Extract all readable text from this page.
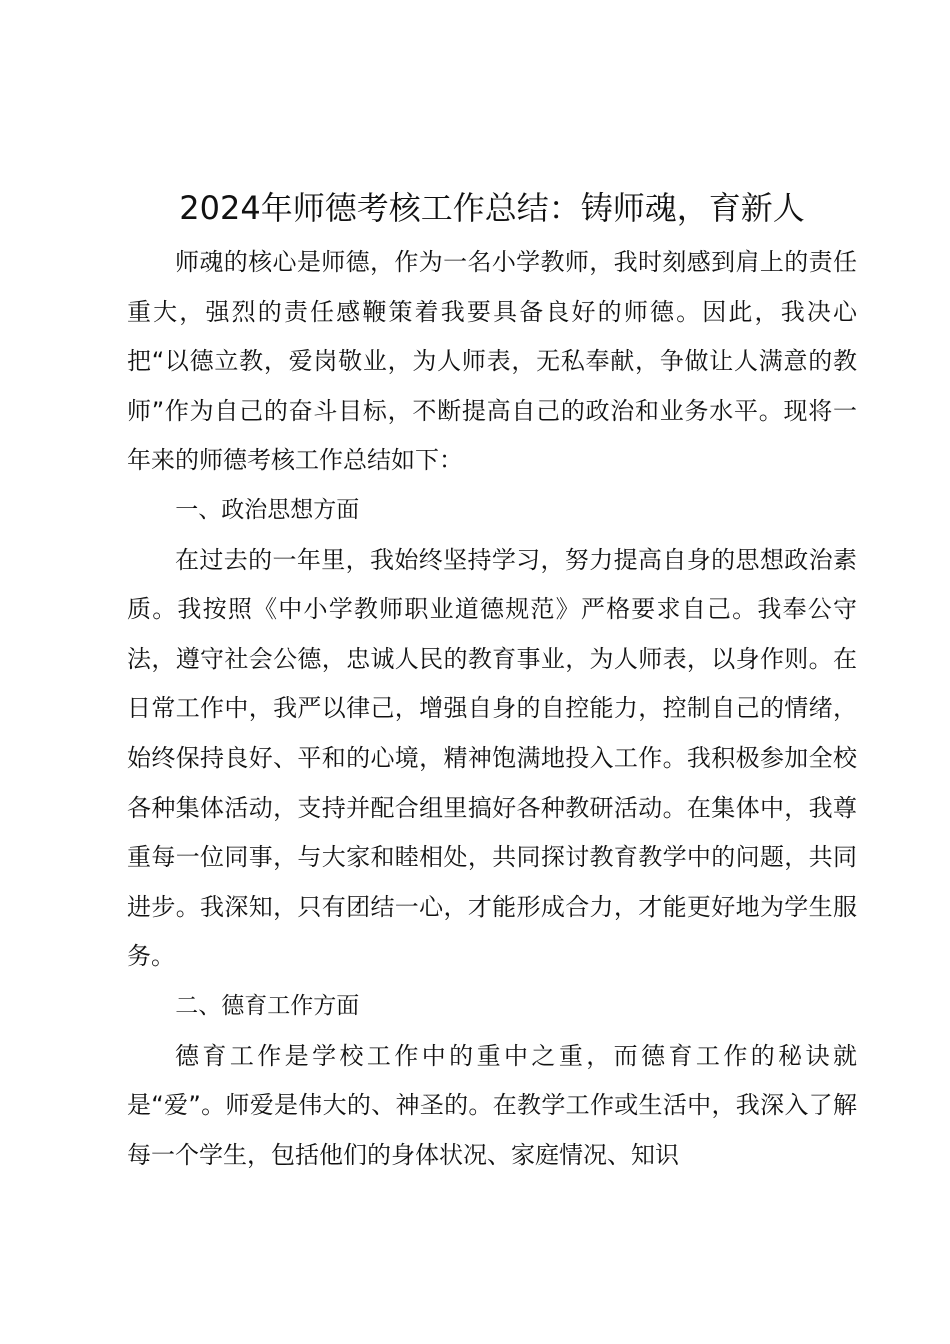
2024年师德考核工作总结：铸师魂，育新人

师魂的核心是师德，作为一名小学教师，我时刻感到肩上的责任重大，强烈的责任感鞭策着我要具备良好的师德。因此，我决心把“以德立教，爱岗敬业，为人师表，无私奉献，争做让人满意的教师”作为自己的奋斗目标，不断提高自己的政治和业务水平。现将一年来的师德考核工作总结如下：

一、政治思想方面

在过去的一年里，我始终坚持学习，努力提高自身的思想政治素质。我按照《中小学教师职业道德规范》严格要求自己。我奉公守法，遵守社会公德，忠诚人民的教育事业，为人师表，以身作则。在日常工作中，我严以律己，增强自身的自控能力，控制自己的情绪，始终保持良好、平和的心境，精神饱满地投入工作。我积极参加全校各种集体活动，支持并配合组里搞好各种教研活动。在集体中，我尊重每一位同事，与大家和睦相处，共同探讨教育教学中的问题，共同进步。我深知，只有团结一心，才能形成合力，才能更好地为学生服务。

二、德育工作方面

德育工作是学校工作中的重中之重，而德育工作的秘诀就是“爱”。师爱是伟大的、神圣的。在教学工作或生活中，我深入了解每一个学生，包括他们的身体状况、家庭情况、知识
